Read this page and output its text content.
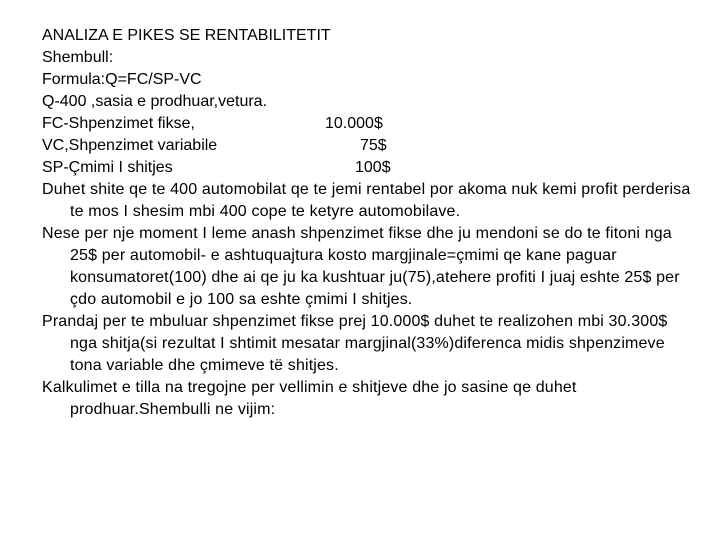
ANALIZA E PIKES SE RENTABILITETIT
Shembull:
Formula:Q=FC/SP-VC
Q-400 ,sasia e prodhuar,vetura.
FC-Shpenzimet fikse,	10.000$
VC,Shpenzimet variabile	75$
SP-Çmimi I shitjes	100$
Duhet shite qe te 400 automobilat qe te jemi rentabel por akoma nuk kemi profit perderisa te mos I shesim mbi 400 cope te ketyre automobilave.
Nese per nje moment I leme anash shpenzimet fikse dhe ju mendoni se do te fitoni nga 25$ per automobil- e ashtuquajtura kosto margjinale=çmimi qe kane paguar konsumatoret(100) dhe ai qe ju ka kushtuar ju(75),atehere profiti I juaj eshte 25$ per çdo automobil e jo 100 sa eshte çmimi I shitjes.
Prandaj per te mbuluar shpenzimet fikse prej 10.000$ duhet te realizohen mbi 30.300$ nga shitja(si rezultat I shtimit mesatar margjinal(33%)diferenca midis shpenzimeve tona variable dhe çmimeve të shitjes.
Kalkulimet e tilla na tregojne per vellimin e shitjeve dhe jo sasine qe duhet prodhuar.Shembulli ne vijim:
